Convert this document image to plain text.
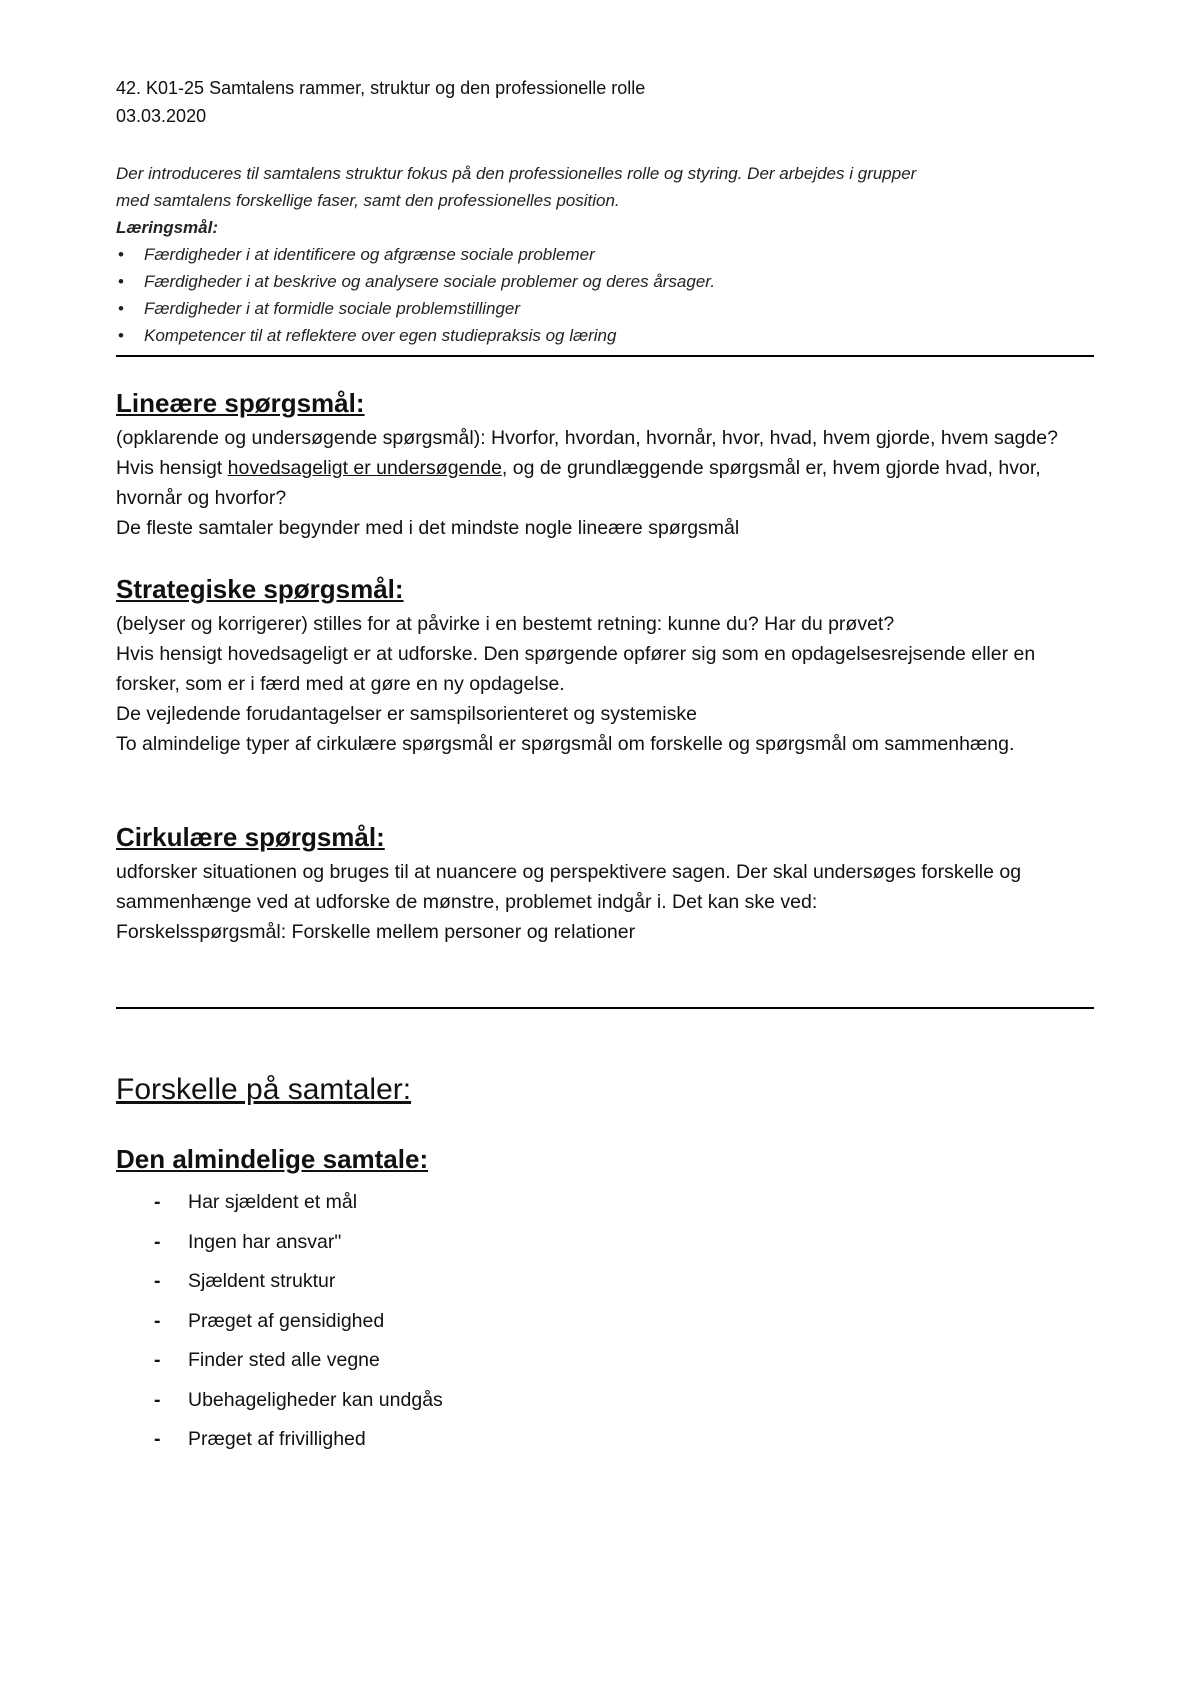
42. K01-25 Samtalens rammer, struktur og den professionelle rolle

03.03.2020

Der introduceres til samtalens struktur fokus på den professionelles rolle og styring. Der arbejdes i grupper

med samtalens forskellige faser, samt den professionelles position.

Læringsmål:

• Færdigheder i at identificere og afgrænse sociale problemer
• Færdigheder i at beskrive og analysere sociale problemer og deres årsager.
• Færdigheder i at formidle sociale problemstillinger
• Kompetencer til at reflektere over egen studiepraksis og læring

Lineære spørgsmål:

(opklarende og undersøgende spørgsmål): Hvorfor, hvordan, hvornår, hvor, hvad, hvem gjorde, hvem sagde?

Hvis hensigt hovedsageligt er undersøgende, og de grundlæggende spørgsmål er, hvem gjorde hvad, hvor, hvornår og hvorfor?

De fleste samtaler begynder med i det mindste nogle lineære spørgsmål

Strategiske spørgsmål:

(belyser og korrigerer) stilles for at påvirke i en bestemt retning: kunne du? Har du prøvet?

Hvis hensigt hovedsageligt er at udforske. Den spørgende opfører sig som en opdagelsesrejsende eller en forsker, som er i færd med at gøre en ny opdagelse.

De vejledende forudantagelser er samspilsorienteret og systemiske

To almindelige typer af cirkulære spørgsmål er spørgsmål om forskelle og spørgsmål om sammenhæng.

Cirkulære spørgsmål:

udforsker situationen og bruges til at nuancere og perspektivere sagen. Der skal undersøges forskelle og sammenhænge ved at udforske de mønstre, problemet indgår i. Det kan ske ved:

Forskelsspørgsmål: Forskelle mellem personer og relationer

Forskelle på samtaler:

Den almindelige samtale:

- Har sjældent et mål
- Ingen har ansvar"
- Sjældent struktur
- Præget af gensidighed
- Finder sted alle vegne
- Ubehageligheder kan undgås
- Præget af frivillighed
